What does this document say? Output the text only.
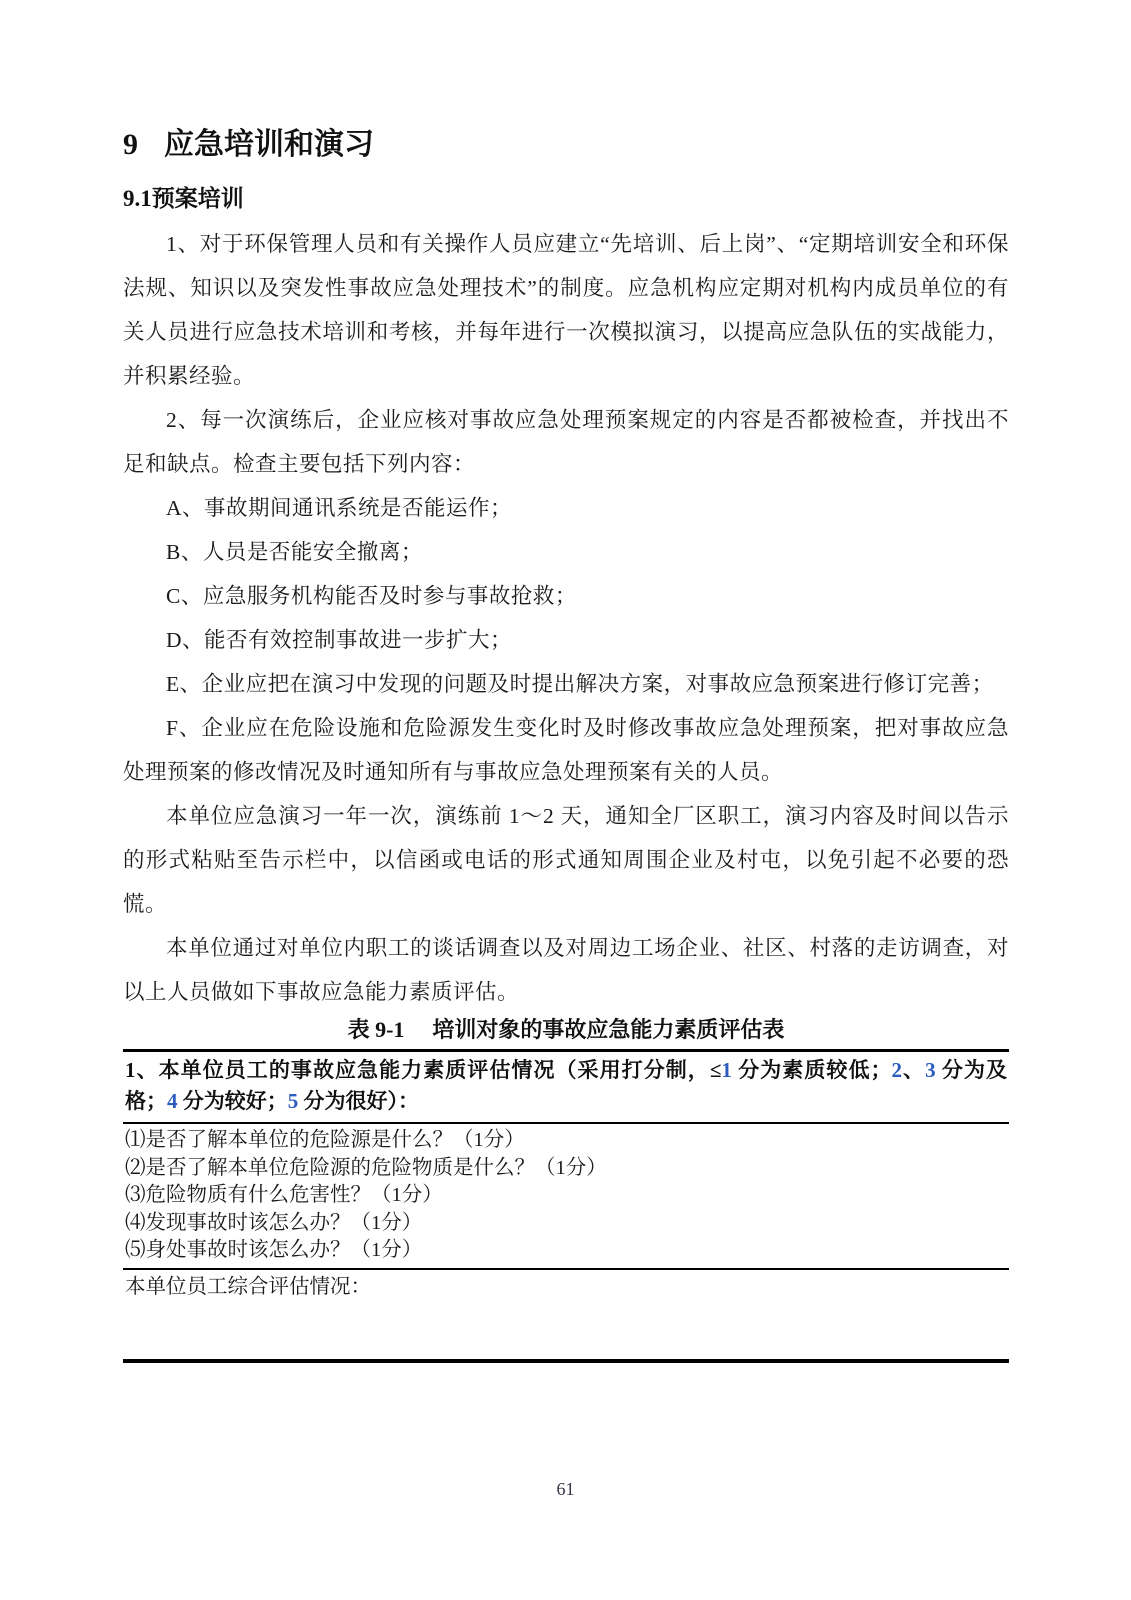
9 应急培训和演习
9.1预案培训

1、对于环保管理人员和有关操作人员应建立“先培训、后上岗”、“定期培训安全和环保法规、知识以及突发性事故应急处理技术”的制度。应急机构应定期对机构内成员单位的有关人员进行应急技术培训和考核，并每年进行一次模拟演习，以提高应急队伍的实战能力，并积累经验。

2、每一次演练后，企业应核对事故应急处理预案规定的内容是否都被检查，并找出不足和缺点。检查主要包括下列内容：

A、事故期间通讯系统是否能运作；

B、人员是否能安全撤离；

C、应急服务机构能否及时参与事故抢救；

D、能否有效控制事故进一步扩大；

E、企业应把在演习中发现的问题及时提出解决方案，对事故应急预案进行修订完善；

F、企业应在危险设施和危险源发生变化时及时修改事故应急处理预案，把对事故应急处理预案的修改情况及时通知所有与事故应急处理预案有关的人员。

本单位应急演习一年一次，演练前 1～2 天，通知全厂区职工，演习内容及时间以告示的形式粘贴至告示栏中，以信函或电话的形式通知周围企业及村屯，以免引起不必要的恐慌。

本单位通过对单位内职工的谈话调查以及对周边工场企业、社区、村落的走访调查，对以上人员做如下事故应急能力素质评估。

表 9-1 培训对象的事故应急能力素质评估表
1、本单位员工的事故应急能力素质评估情况（采用打分制，≤1 分为素质较低；2、3 分为及格；4 分为较好；5 分为很好）：
⑴是否了解本单位的危险源是什么？（1分）
⑵是否了解本单位危险源的危险物质是什么？（1分）
⑶危险物质有什么危害性？（1分）
⑷发现事故时该怎么办？（1分）
⑸身处事故时该怎么办？（1分）
本单位员工综合评估情况：
61
